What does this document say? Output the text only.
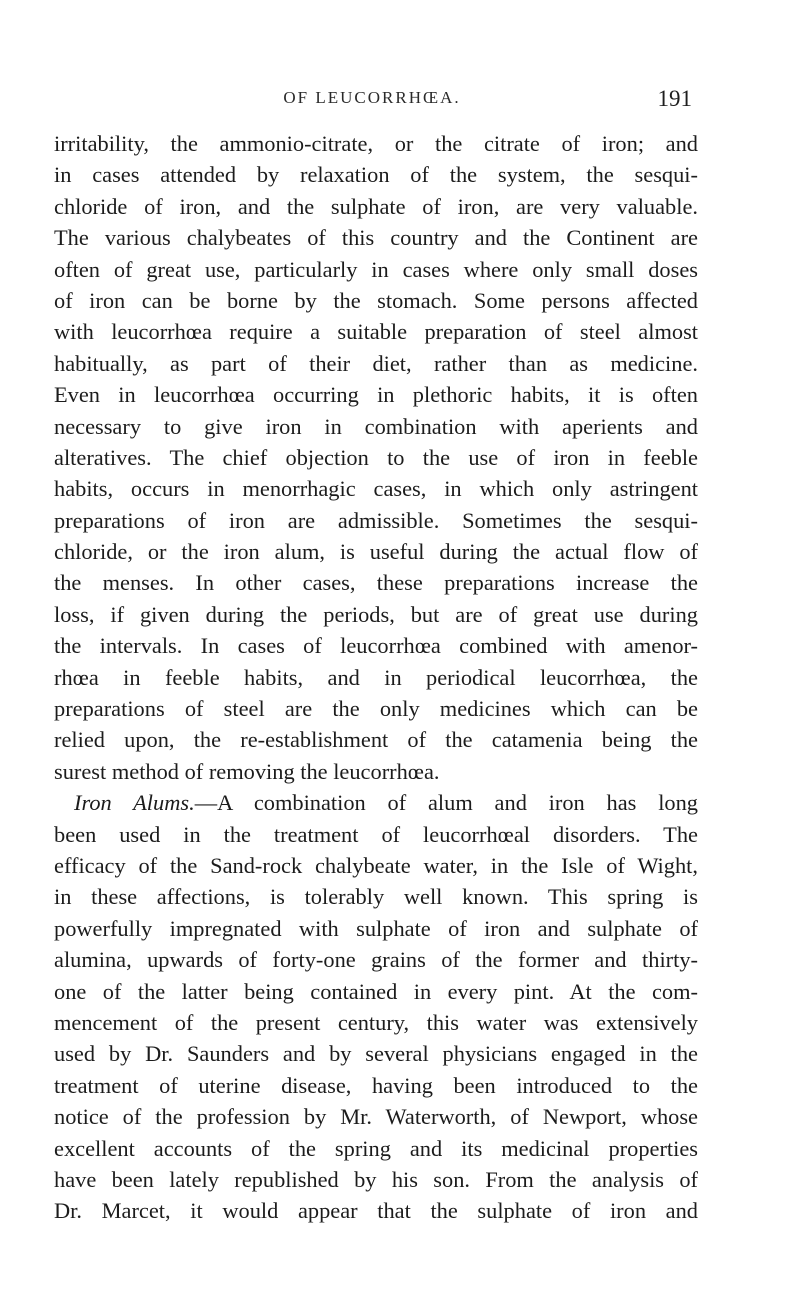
OF LEUCORRHŒA.	191
irritability, the ammonio-citrate, or the citrate of iron; and
in cases attended by relaxation of the system, the sesqui-
chloride of iron, and the sulphate of iron, are very valuable.
The various chalybeates of this country and the Continent are
often of great use, particularly in cases where only small doses
of iron can be borne by the stomach. Some persons affected
with leucorrhœa require a suitable preparation of steel almost
habitually, as part of their diet, rather than as medicine.
Even in leucorrhœa occurring in plethoric habits, it is often
necessary to give iron in combination with aperients and
alteratives. The chief objection to the use of iron in feeble
habits, occurs in menorrhagic cases, in which only astringent
preparations of iron are admissible. Sometimes the sesqui-
chloride, or the iron alum, is useful during the actual flow of
the menses. In other cases, these preparations increase the
loss, if given during the periods, but are of great use during
the intervals. In cases of leucorrhœa combined with amenor-
rhœa in feeble habits, and in periodical leucorrhœa, the
preparations of steel are the only medicines which can be
relied upon, the re-establishment of the catamenia being the
surest method of removing the leucorrhœa.
Iron Alums.—A combination of alum and iron has long
been used in the treatment of leucorrhœal disorders. The
efficacy of the Sand-rock chalybeate water, in the Isle of Wight,
in these affections, is tolerably well known. This spring is
powerfully impregnated with sulphate of iron and sulphate of
alumina, upwards of forty-one grains of the former and thirty-
one of the latter being contained in every pint. At the com-
mencement of the present century, this water was extensively
used by Dr. Saunders and by several physicians engaged in the
treatment of uterine disease, having been introduced to the
notice of the profession by Mr. Waterworth, of Newport, whose
excellent accounts of the spring and its medicinal properties
have been lately republished by his son. From the analysis of
Dr. Marcet, it would appear that the sulphate of iron and
